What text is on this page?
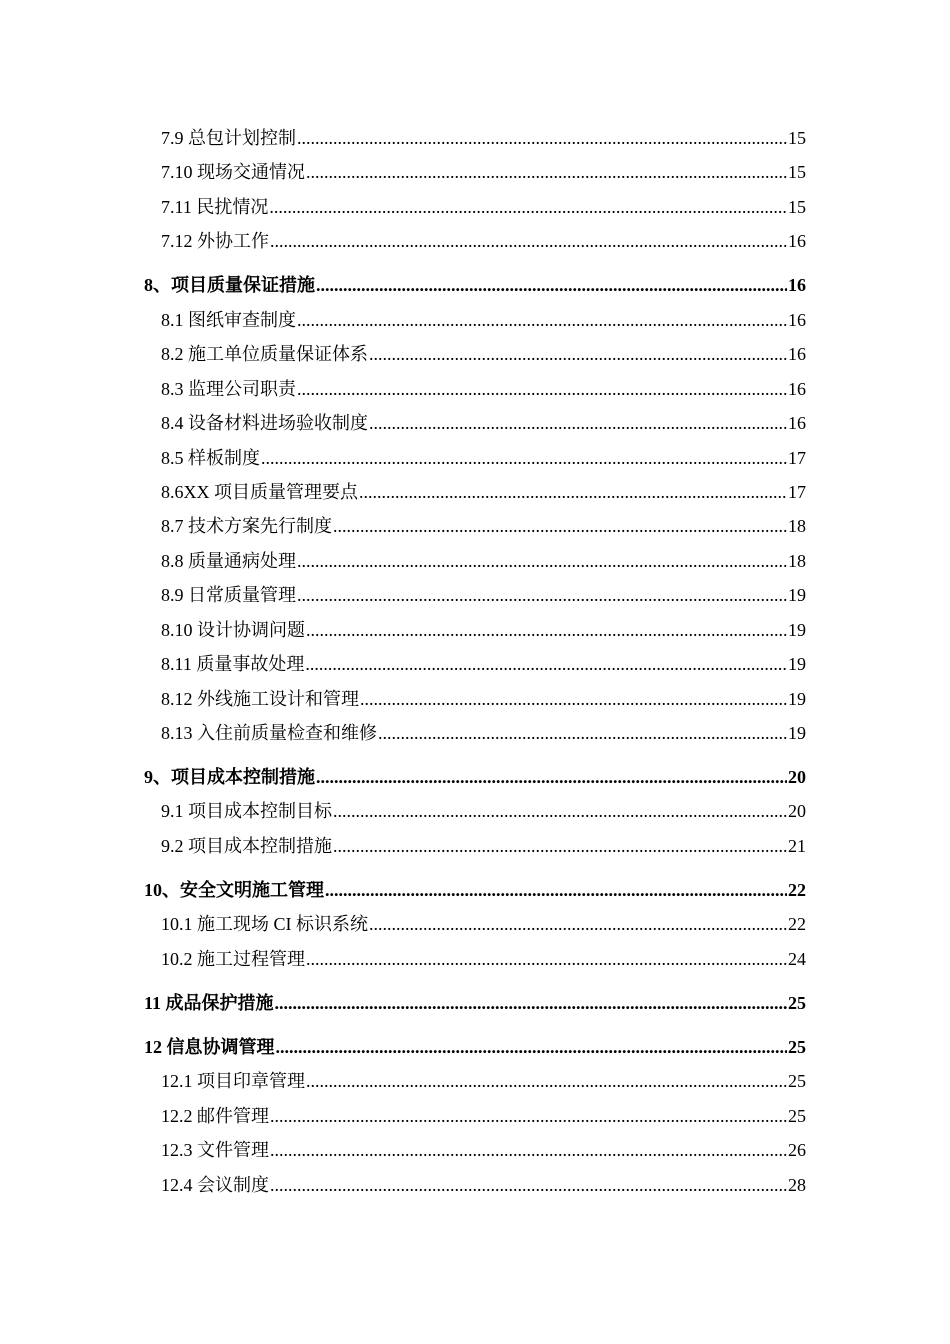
7.9 总包计划控制 .....	15
7.10 现场交通情况 .....	15
7.11 民扰情况 .....	15
7.12 外协工作 .....	16
8、项目质量保证措施 .....	16
8.1 图纸审查制度 .....	16
8.2 施工单位质量保证体系 .....	16
8.3 监理公司职责 .....	16
8.4 设备材料进场验收制度 .....	16
8.5 样板制度 .....	17
8.6XX 项目质量管理要点 .....	17
8.7 技术方案先行制度 .....	18
8.8 质量通病处理 .....	18
8.9 日常质量管理 .....	19
8.10 设计协调问题 .....	19
8.11 质量事故处理 .....	19
8.12 外线施工设计和管理 .....	19
8.13 入住前质量检查和维修 .....	19
9、项目成本控制措施 .....	20
9.1 项目成本控制目标 .....	20
9.2 项目成本控制措施 .....	21
10、安全文明施工管理 .....	22
10.1 施工现场 CI 标识系统 .....	22
10.2 施工过程管理 .....	24
11 成品保护措施 .....	25
12 信息协调管理 .....	25
12.1 项目印章管理 .....	25
12.2 邮件管理 .....	25
12.3 文件管理 .....	26
12.4 会议制度 .....	28
